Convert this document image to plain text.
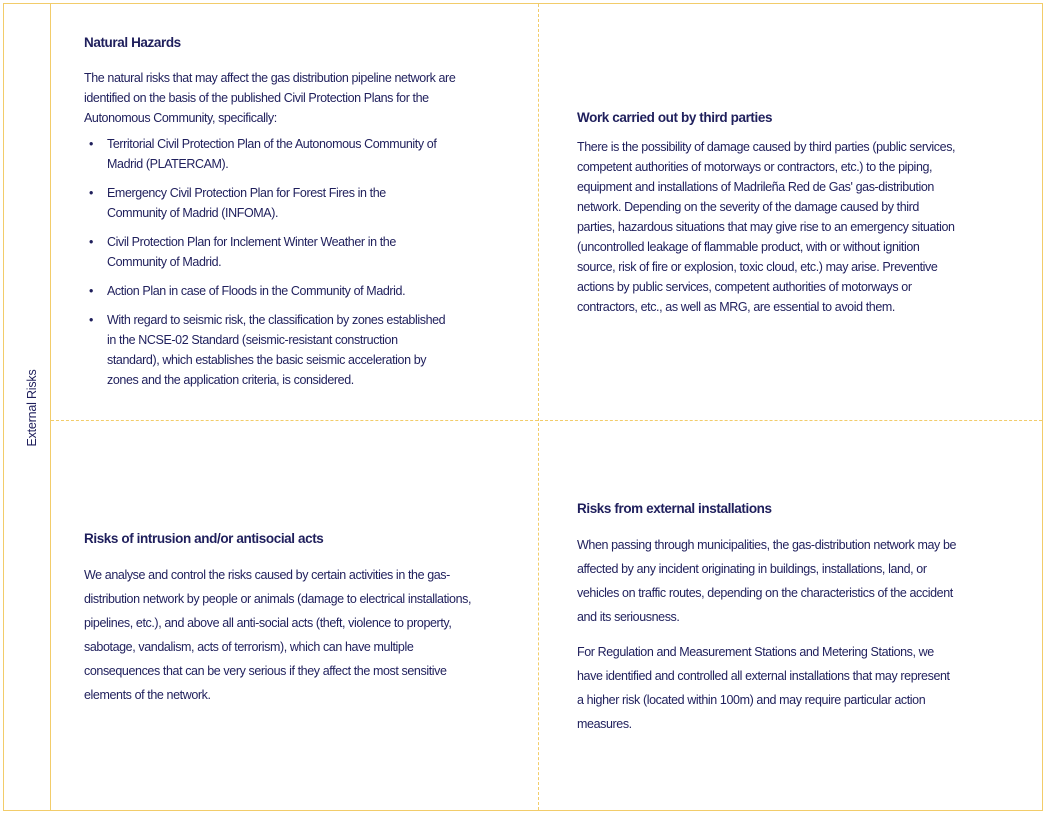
External Risks
Natural Hazards

The natural risks that may affect the gas distribution pipeline network are identified on the basis of the published Civil Protection Plans for the Autonomous Community, specifically:

• Territorial Civil Protection Plan of the Autonomous Community of Madrid (PLATERCAM).
• Emergency Civil Protection Plan for Forest Fires in the Community of Madrid (INFOMA).
• Civil Protection Plan for Inclement Winter Weather in the Community of Madrid.
• Action Plan in case of Floods in the Community of Madrid.
• With regard to seismic risk, the classification by zones established in the NCSE-02 Standard (seismic-resistant construction standard), which establishes the basic seismic acceleration by zones and the application criteria, is considered.
Work carried out by third parties

There is the possibility of damage caused by third parties (public services, competent authorities of motorways or contractors, etc.) to the piping, equipment and installations of Madrileña Red de Gas' gas-distribution network. Depending on the severity of the damage caused by third parties, hazardous situations that may give rise to an emergency situation (uncontrolled leakage of flammable product, with or without ignition source, risk of fire or explosion, toxic cloud, etc.) may arise. Preventive actions by public services, competent authorities of motorways or contractors, etc., as well as MRG, are essential to avoid them.

Risks of intrusion and/or antisocial acts

We analyse and control the risks caused by certain activities in the gas-distribution network by people or animals (damage to electrical installations, pipelines, etc.), and above all anti-social acts (theft, violence to property, sabotage, vandalism, acts of terrorism), which can have multiple consequences that can be very serious if they affect the most sensitive elements of the network.

Risks from external installations

When passing through municipalities, the gas-distribution network may be affected by any incident originating in buildings, installations, land, or vehicles on traffic routes, depending on the characteristics of the accident and its seriousness.

For Regulation and Measurement Stations and Metering Stations, we have identified and controlled all external installations that may represent a higher risk (located within 100m) and may require particular action measures.
